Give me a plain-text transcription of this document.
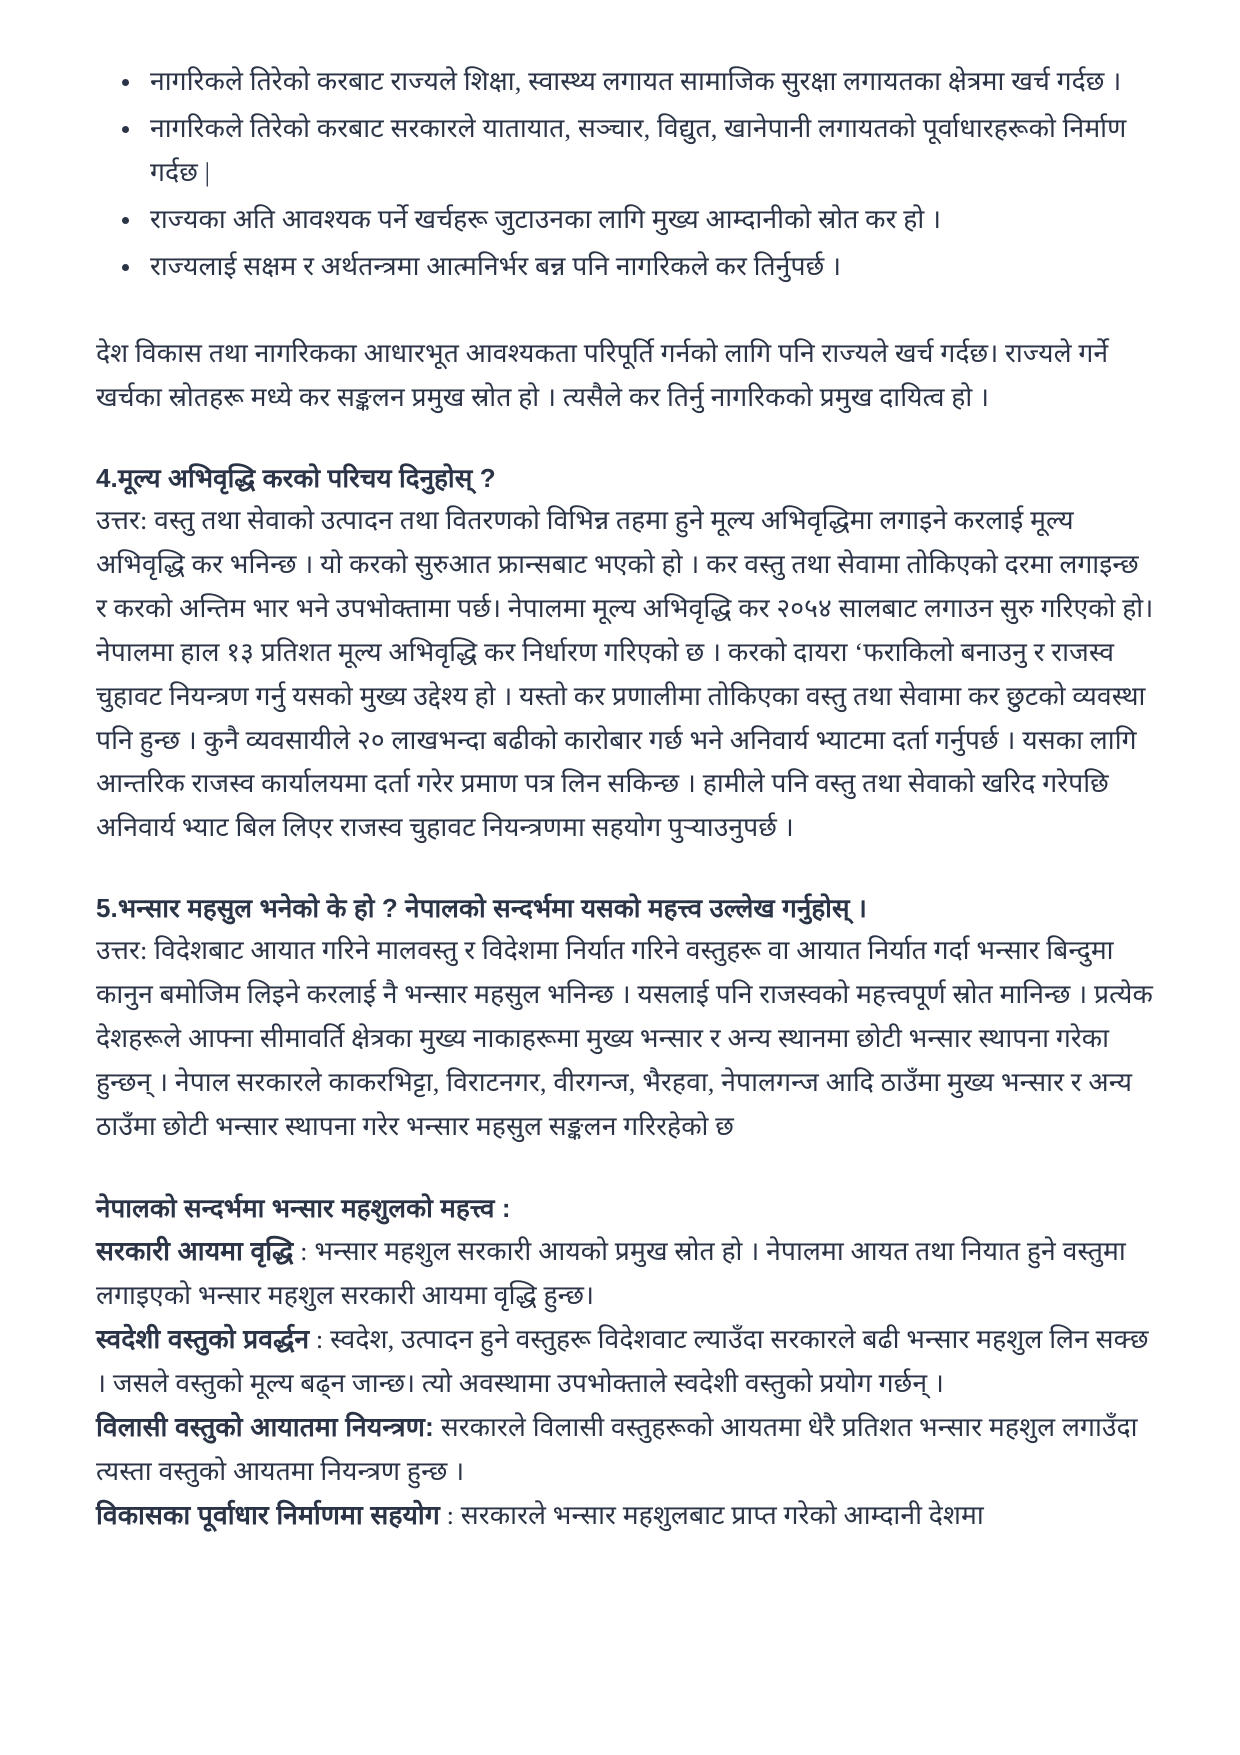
नागरिकले तिरेको करबाट राज्यले शिक्षा, स्वास्थ्य लगायत सामाजिक सुरक्षा लगायतका क्षेत्रमा खर्च गर्दछ ।
नागरिकले तिरेको करबाट सरकारले यातायात, सञ्चार, विद्युत, खानेपानी लगायतको पूर्वाधारहरूको निर्माण गर्दछ |
राज्यका अति आवश्यक पर्ने खर्चहरू जुटाउनका लागि मुख्य आम्दानीको स्रोत कर हो ।
राज्यलाई सक्षम र अर्थतन्त्रमा आत्मनिर्भर बन्न पनि नागरिकले कर तिर्नुपर्छ ।

देश विकास तथा नागरिकका आधारभूत आवश्यकता परिपूर्ति गर्नको लागि पनि राज्यले खर्च गर्दछ। राज्यले गर्ने खर्चका स्रोतहरू मध्ये कर सङ्कलन प्रमुख स्रोत हो । त्यसैले कर तिर्नु नागरिकको प्रमुख दायित्व हो ।

4.मूल्य अभिवृद्धि करको परिचय दिनुहोस् ?

उत्तर: वस्तु तथा सेवाको उत्पादन तथा वितरणको विभिन्न तहमा हुने मूल्य अभिवृद्धिमा लगाइने करलाई मूल्य अभिवृद्धि कर भनिन्छ । यो करको सुरुआत फ्रान्सबाट भएको हो । कर वस्तु तथा सेवामा तोकिएको दरमा लगाइन्छ र करको अन्तिम भार भने उपभोक्तामा पर्छ। नेपालमा मूल्य अभिवृद्धि कर २०५४ सालबाट लगाउन सुरु गरिएको हो।नेपालमा हाल १३ प्रतिशत मूल्य अभिवृद्धि कर निर्धारण गरिएको छ । करको दायरा ‘फराकिलो बनाउनु र राजस्व चुहावट नियन्त्रण गर्नु यसको मुख्य उद्देश्य हो । यस्तो कर प्रणालीमा तोकिएका वस्तु तथा सेवामा कर छुटको व्यवस्था पनि हुन्छ । कुनै व्यवसायीले २० लाखभन्दा बढीको कारोबार गर्छ भने अनिवार्य भ्याटमा दर्ता गर्नुपर्छ । यसका लागि आन्तरिक राजस्व कार्यालयमा दर्ता गरेर प्रमाण पत्र लिन सकिन्छ । हामीले पनि वस्तु तथा सेवाको खरिद गरेपछि अनिवार्य भ्याट बिल लिएर राजस्व चुहावट नियन्त्रणमा सहयोग पुऱ्याउनुपर्छ ।

5.भन्सार महसुल भनेको के हो ? नेपालको सन्दर्भमा यसको महत्त्व उल्लेख गर्नुहोस् ।

उत्तर: विदेशबाट आयात गरिने मालवस्तु र विदेशमा निर्यात गरिने वस्तुहरू वा आयात निर्यात गर्दा भन्सार बिन्दुमा कानुन बमोजिम लिइने करलाई नै भन्सार महसुल भनिन्छ । यसलाई पनि राजस्वको महत्त्वपूर्ण स्रोत मानिन्छ । प्रत्येक देशहरूले आफ्ना सीमावर्ति क्षेत्रका मुख्य नाकाहरूमा मुख्य भन्सार र अन्य स्थानमा छोटी भन्सार स्थापना गरेका हुन्छन् । नेपाल सरकारले काकरभिट्टा, विराटनगर, वीरगन्ज, भैरहवा, नेपालगन्ज आदि ठाउँमा मुख्य भन्सार र अन्य ठाउँमा छोटी भन्सार स्थापना गरेर भन्सार महसुल सङ्कलन गरिरहेको छ

नेपालको सन्दर्भमा भन्सार महशुलको महत्त्व :

सरकारी आयमा वृद्धि : भन्सार महशुल सरकारी आयको प्रमुख स्रोत हो । नेपालमा आयत तथा नियात हुने वस्तुमा लगाइएको भन्सार महशुल सरकारी आयमा वृद्धि हुन्छ।

स्वदेशी वस्तुको प्रवर्द्धन : स्वदेश, उत्पादन हुने वस्तुहरू विदेशवाट ल्याउँदा सरकारले बढी भन्सार महशुल लिन सक्छ । जसले वस्तुको मूल्य बढ्न जान्छ। त्यो अवस्थामा उपभोक्ताले स्वदेशी वस्तुको प्रयोग गर्छन् ।

विलासी वस्तुको आयातमा नियन्त्रण: सरकारले विलासी वस्तुहरूको आयतमा धेरै प्रतिशत भन्सार महशुल लगाउँदा त्यस्ता वस्तुको आयतमा नियन्त्रण हुन्छ ।

विकासका पूर्वाधार निर्माणमा सहयोग : सरकारले भन्सार महशुलबाट प्राप्त गरेको आम्दानी देशमा
